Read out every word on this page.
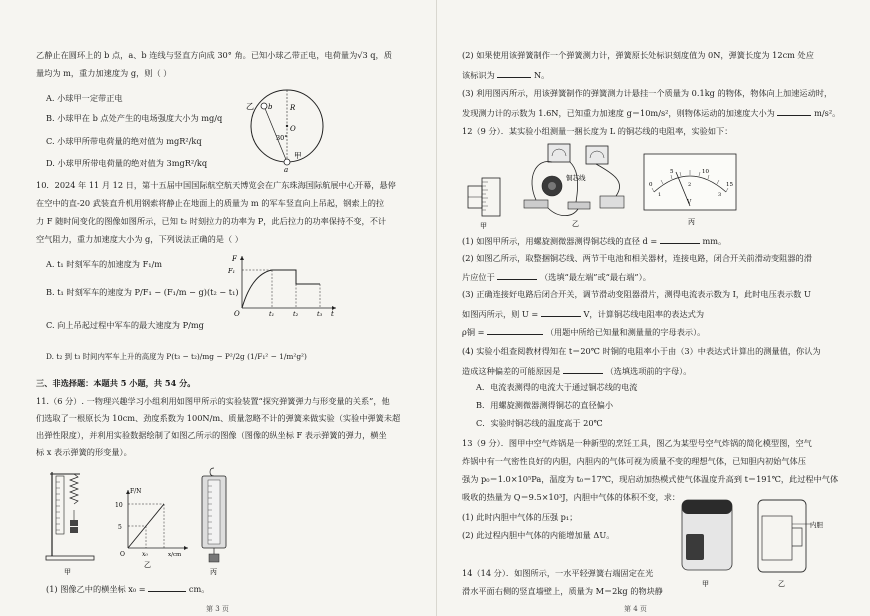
乙静止在圆环上的 b 点，a、b 连线与竖直方向成 30° 角。已知小球乙带正电，电荷量为√3 q，质
量均为 m，重力加速度为 g，则（ ）
A. 小球甲一定带正电
B. 小球甲在 b 点处产生的电场强度大小为 mg/q
C. 小球甲所带电荷量的绝对值为 mgR²/kq
D. 小球甲所带电荷量的绝对值为 3mgR²/kq
乙 b	R
30°
O
甲
a
10．2024 年 11 月 12 日，第十五届中国国际航空航天博览会在广东珠海国际航展中心开幕，悬停
在空中的直-20 武装直升机用钢索将静止在地面上的质量为 m 的军车竖直向上吊起，钢索上的拉
力 F 随时间变化的图像如图所示，已知 t₂ 时刻拉力的功率为 P，此后拉力的功率保持不变，不计
空气阻力，重力加速度大小为 g，下列说法正确的是（ ）
A. t₁ 时刻军车的加速度为 F₁/m
B. t₁ 时刻军车的速度为 P/F₁ − (F₁/m − g)(t₂ − t₁)
C. 向上吊起过程中军车的最大速度为 P/mg
D. t₂ 到 t₃ 时间内军车上升的高度为 P(t₃ − t₂)/mg − P²/2g (1/F₁² − 1/m²g²)
F
F₁
O	t₁	t₂	t₃ t
三、非选择题：本题共 5 小题，共 54 分。
11.（6 分）. 一物理兴趣学习小组利用如图甲所示的实验装置“探究弹簧弹力与形变量的关系”，他
们选取了一根原长为 10cm、劲度系数为 100N/m、质量忽略不计的弹簧来做实验（实验中弹簧未超
出弹性限度），并利用实验数据绘制了如图乙所示的图像（图像的纵坐标 F 表示弹簧的弹力，横坐
标 x 表示弹簧的形变量）。
甲
F/N
10
5
O	x₀	x/cm
乙
丙
(1) 图像乙中的横坐标 x₀ =	cm。
第 3 页
(2) 如果使用该弹簧制作一个弹簧测力计，弹簧原长处标识刻度值为 0N，弹簧长度为 12cm 处应
该标识为	N。
(3) 利用图丙所示，用该弹簧制作的弹簧测力计悬挂一个质量为 0.1kg 的物体，物体向上加速运动时，
发现测力计的示数为 1.6N，已知重力加速度 g＝10m/s²，则物体运动的加速度大小为	m/s²。
12（9 分）．某实验小组测量一捆长度为 L 的铜芯线的电阻率，实验如下：
甲
铜芯线
乙
0
5	10
15
1
2
3
V
丙
(1) 如图甲所示，用螺旋测微器测得铜芯线的直径 d =	mm。
(2) 如图乙所示，取整捆铜芯线、两节干电池和相关器材，连接电路，闭合开关前滑动变阻器的滑
片应位于	（选填“最左端”或“最右端”）。
(3) 正确连接好电路后闭合开关，调节滑动变阻器滑片，测得电流表示数为 I，此时电压表示数 U
如图丙所示，则 U =	V，计算铜芯线电阻率的表达式为
ρ铜 =	（用题中所给已知量和测量量的字母表示）。
(4) 实验小组查阅教材得知在 t＝20℃ 时铜的电阻率小于由（3）中表达式计算出的测量值，你认为
造成这种偏差的可能原因是	（选填选项前的字母）。
A．电流表测得的电流大于通过铜芯线的电流
B．用螺旋测微器测得铜芯的直径偏小
C．实验时铜芯线的温度高于 20℃
13（9 分）．图甲中空气炸锅是一种新型的烹饪工具，图乙为某型号空气炸锅的简化模型图，空气
炸锅中有一气密性良好的内胆，内胆内的气体可视为质量不变的理想气体，已知胆内初始气体压
强为 p₀＝1.0×10⁵Pa，温度为 t₀＝17℃，现启动加热模式使气体温度升高到 t＝191℃，此过程中气体
吸收的热量为 Q＝9.5×10³J，内胆中气体的体积不变，求：
(1) 此时内胆中气体的压强 p₁；
(2) 此过程内胆中气体的内能增加量 ΔU。
甲
内胆
乙
14（14 分）．如图所示，一水平轻弹簧右端固定在光
滑水平面右侧的竖直墙壁上，质量为 M＝2kg 的物块静
第 4 页
